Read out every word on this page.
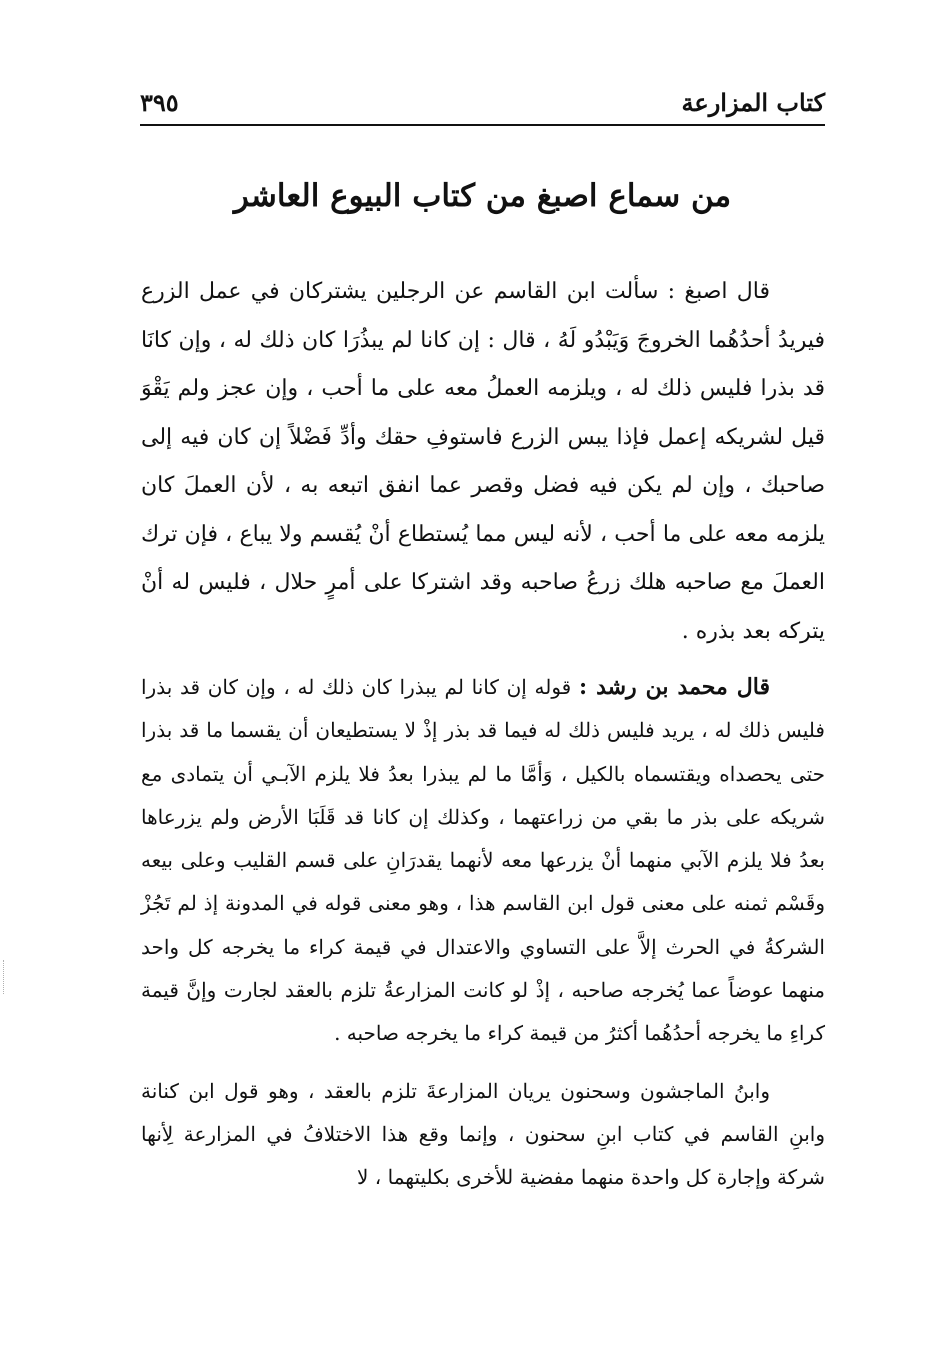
كتاب المزارعة
٣٩٥
من سماع اصبغ من كتاب البيوع العاشر

قال اصبغ : سألت ابن القاسم عن الرجلين يشتركان في عمل الزرع فيريدُ أحدُهُما الخروجَ وَيَبْدُو لَهُ ، قال : إن كانا لم يبذُرَا كان ذلك له ، وإن كانَا قد بذرا فليس ذلك له ، ويلزمه العملُ معه على ما أحب ، وإن عجز ولم يَقْوَ قيل لشريكه إعمل فإذا يبس الزرع فاستوفِ حقك وأدِّ فَضْلاً إن كان فيه إلى صاحبك ، وإن لم يكن فيه فضل وقصر عما انفق اتبعه به ، لأن العملَ كان يلزمه معه على ما أحب ، لأنه ليس مما يُستطاع أنْ يُقسم ولا يباع ، فإن ترك العملَ مع صاحبه هلك زرعُ صاحبه وقد اشتركا على أمرٍ حلال ، فليس له أنْ يتركه بعد بذره .

قال محمد بن رشد : قوله إن كانا لم يبذرا كان ذلك له ، وإن كان قد بذرا فليس ذلك له ، يريد فليس ذلك له فيما قد بذر إذْ لا يستطيعان أن يقسما ما قد بذرا حتى يحصداه ويقتسماه بالكيل ، وَأمَّا ما لم يبذرا بعدُ فلا يلزم الآبـي أن يتمادى مع شريكه على بذر ما بقي من زراعتهما ، وكذلك إن كانا قد قَلَبَا الأرض ولم يزرعاها بعدُ فلا يلزم الآبي منهما أنْ يزرعها معه لأنهما يقدرَانِ على قسم القليب وعلى بيعه وقَسْم ثمنه على معنى قول ابن القاسم هذا ، وهو معنى قوله في المدونة إذ لم تَجُزْ الشركةُ في الحرث إلاَّ على التساوي والاعتدال في قيمة كراء ما يخرجه كل واحد منهما عوضاً عما يُخرجه صاحبه ، إذْ لو كانت المزارعةُ تلزم بالعقد لجارت وإنَّ قيمة كراءِ ما يخرجه أحدُهُما أكثرُ من قيمة كراء ما يخرجه صاحبه .

وابنُ الماجشون وسحنون يريان المزارعةَ تلزم بالعقد ، وهو قول ابن كنانة وابنِ القاسم في كتاب ابنِ سحنون ، وإنما وقع هذا الاختلافُ في المزارعة لِأنها شركة وإجارة كل واحدة منهما مفضية للأخرى بكليتهما ، لا
